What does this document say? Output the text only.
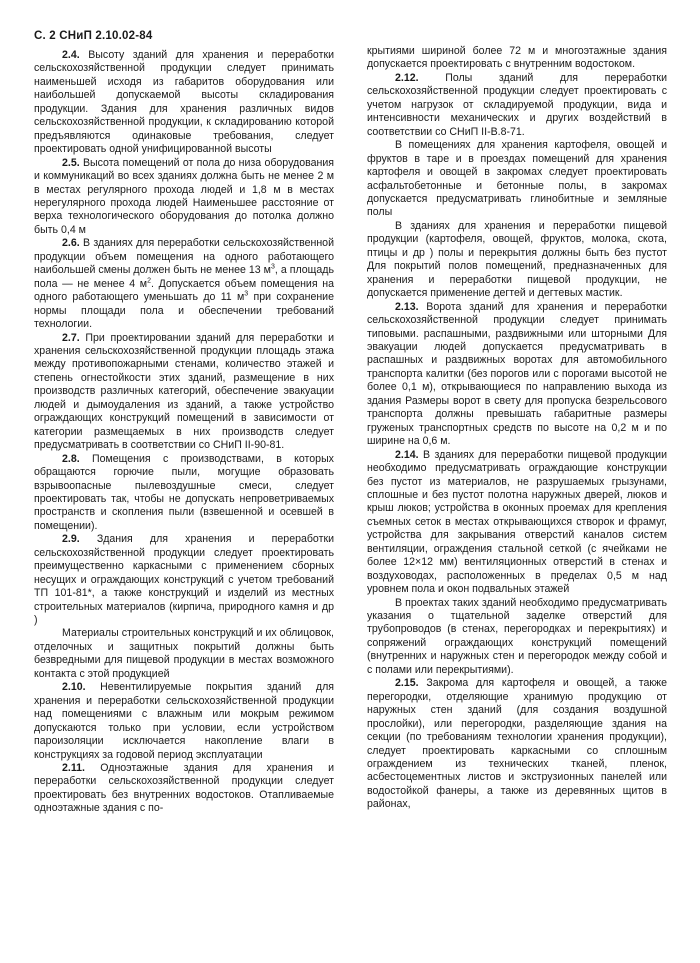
С. 2 СНиП 2.10.02-84

2.4. Высоту зданий для хранения и переработки сельскохозяйственной продукции следует принимать наименьшей исходя из габаритов оборудования или наибольшей допускаемой высоты складирования продукции. Здания для хранения различных видов сельскохозяйственной продукции, к складированию которой предъявляются одинаковые требования, следует проектировать одной унифицированной высоты

2.5. Высота помещений от пола до низа оборудования и коммуникаций во всех зданиях должна быть не менее 2 м в местах регулярного прохода людей и 1,8 м в местах нерегулярного прохода людей Наименьшее расстояние от верха технологического оборудования до потолка должно быть 0,4 м

2.6. В зданиях для переработки сельскохозяйственной продукции объем помещения на одного работающего наибольшей смены должен быть не менее 13 $м^3$, а площадь пола — не менее 4 $м^2$. Допускается объем помещения на одного работающего уменьшать до 11 $м^3$ при сохранение нормы площади пола и обеспечении требований технологии.

2.7. При проектировании зданий для переработки и хранения сельскохозяйственной продукции площадь этажа между противопожарными стенами, количество этажей и степень огнестойкости этих зданий, размещение в них производств различных категорий, обеспечение эвакуации людей и дымоудаления из зданий, а также устройство ограждающих конструкций помещений в зависимости от категории размещаемых в них производств следует предусматривать в соответствии со СНиП II-90-81.

2.8. Помещения с производствами, в которых обращаются горючие пыли, могущие образовать взрывоопасные пылевоздушные смеси, следует проектировать так, чтобы не допускать непроветриваемых пространств и скопления пыли (взвешенной и осевшей в помещении).

2.9. Здания для хранения и переработки сельскохозяйственной продукции следует проектировать преимущественно каркасными с применением сборных несущих и ограждающих конструкций с учетом требований ТП 101-81*, а также конструкций и изделий из местных строительных материалов (кирпича, природного камня и др )

Материалы строительных конструкций и их облицовок, отделочных и защитных покрытий должны быть безвредными для пищевой продукции в местах возможного контакта с этой продукцией

2.10. Невентилируемые покрытия зданий для хранения и переработки сельскохозяйственной продукции над помещениями с влажным или мокрым режимом допускаются только при условии, если устройством пароизоляции исключается накопление влаги в конструкциях за годовой период эксплуатации

2.11. Одноэтажные здания для хранения и переработки сельскохозяйственной продукции следует проектировать без внутренних водостоков. Отапливаемые одноэтажные здания с по-

крытиями шириной более 72 м и многоэтажные здания допускается проектировать с внутренним водостоком.

2.12.	Полы зданий для переработки сельскохозяйственной продукции следует проектировать с учетом нагрузок от складируемой продукции, вида и интенсивности механических и других воздействий в соответствии со СНиП II-В.8-71.

В помещениях для хранения картофеля, овощей и фруктов в таре и в проездах помещений для хранения картофеля и овощей в закромах следует проектировать асфальтобетонные и бетонные полы, в закромах допускается предусматривать глинобитные и земляные полы

В зданиях для хранения и переработки пищевой продукции (картофеля, овощей, фруктов, молока, скота, птицы и др ) полы и перекрытия должны быть без пустот Для покрытий полов помещений, предназначенных для хранения и переработки пищевой продукции, не допускается применение дегтей и дегтевых мастик.

2.13. Ворота зданий для хранения и переработки сельскохозяйственной продукции следует принимать типовыми. распашными, раздвижными или шторными Для эвакуации людей допускается предусматривать в распашных и раздвижных воротах для автомобильного транспорта калитки (без порогов или с порогами высотой не более 0,1 м), открывающиеся по направлению выхода из здания Размеры ворот в свету для пропуска безрельсового транспорта должны превышать габаритные размеры груженых транспортных средств по высоте на 0,2 м и по ширине на 0,6 м.

2.14. В зданиях для переработки пищевой продукции необходимо предусматривать ограждающие конструкции без пустот из материалов, не разрушаемых грызунами, сплошные и без пустот полотна наружных дверей, люков и крыш люков; устройства в оконных проемах для крепления съемных сеток в местах открывающихся створок и фрамуг, устройства для закрывания отверстий каналов систем вентиляции, ограждения стальной сеткой (с ячейками не более 12×12 мм) вентиляционных отверстий в стенах и воздуховодах, расположенных в пределах 0,5 м над уровнем пола и окон подвальных этажей

В проектах таких зданий необходимо предусматривать указания о тщательной заделке отверстий для трубопроводов (в стенах, перегородках и перекрытиях) и сопряжений ограждающих конструкций помещений (внутренних и наружных стен и перегородок между собой и с полами или перекрытиями).

2.15. Закрома для картофеля и овощей, а также перегородки, отделяющие хранимую продукцию от наружных стен зданий (для создания воздушной прослойки), или перегородки, разделяющие здания на секции (по требованиям технологии хранения продукции), следует проектировать каркасными со сплошным ограждением из технических тканей, пленок, асбестоцементных листов и экструзионных панелей или водостойкой фанеры, а также из деревянных щитов в районах,
